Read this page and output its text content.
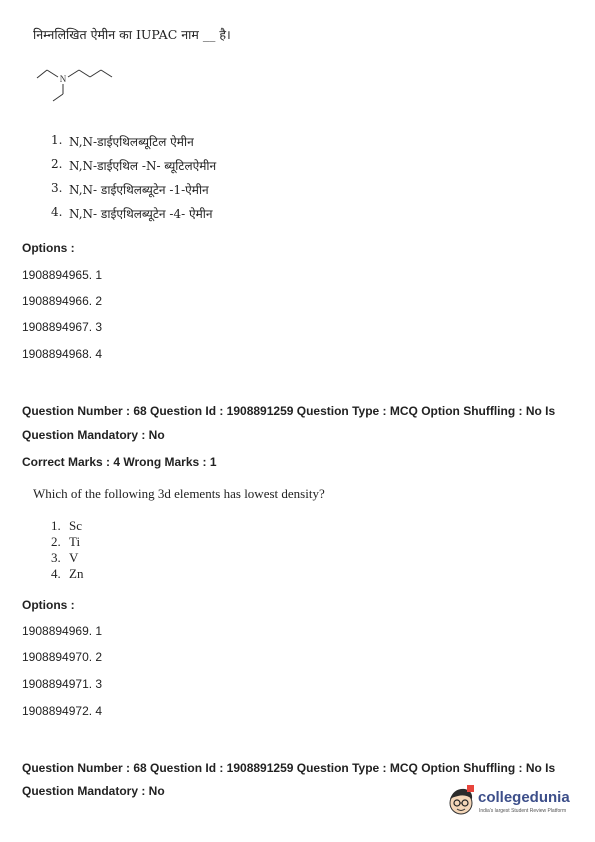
निम्नलिखित ऐमीन का IUPAC नाम __ है।
N
1. N,N-डाईएथिलब्यूटिल ऐमीन
2. N,N-डाईएथिल -N- ब्यूटिलऐमीन
3. N,N- डाईएथिलब्यूटेन -1-ऐमीन
4. N,N- डाईएथिलब्यूटेन -4- ऐमीन
Options :
1908894965. 1
1908894966. 2
1908894967. 3
1908894968. 4
Question Number : 68 Question Id : 1908891259 Question Type : MCQ Option Shuffling : No Is
Question Mandatory : No
Correct Marks : 4 Wrong Marks : 1
Which of the following 3d elements has lowest density?
1. Sc
2. Ti
3. V
4. Zn
Options :
1908894969. 1
1908894970. 2
1908894971. 3
1908894972. 4
Question Number : 68 Question Id : 1908891259 Question Type : MCQ Option Shuffling : No Is
Question Mandatory : No	collegedunia
India's largest Student Review Platform
